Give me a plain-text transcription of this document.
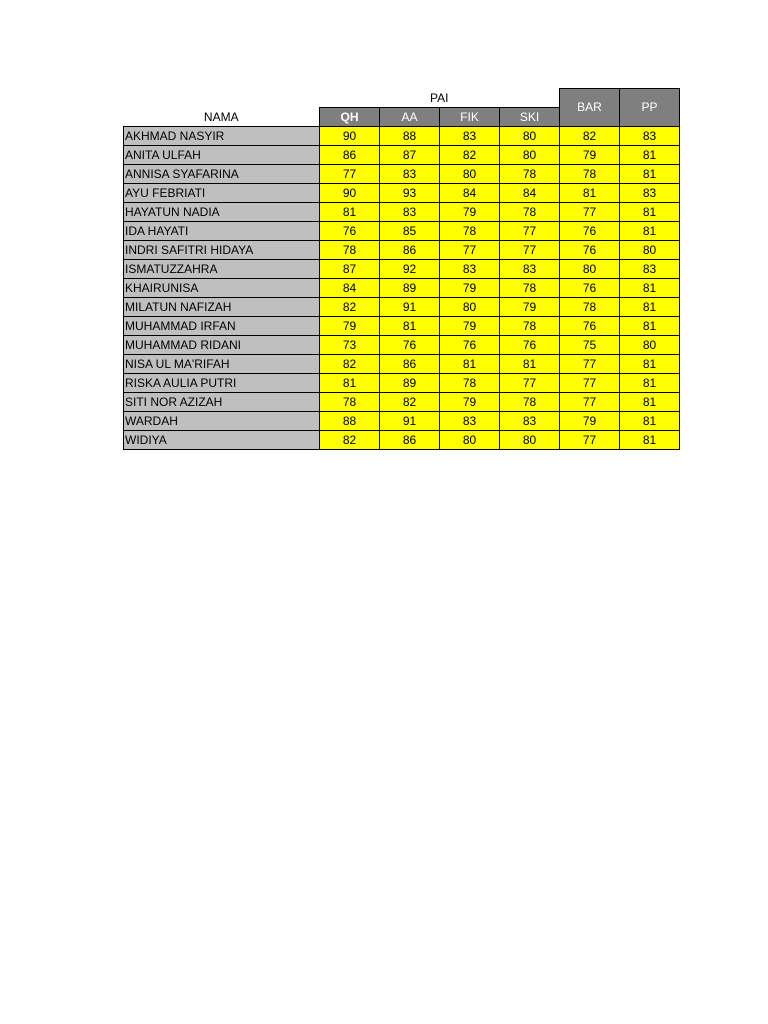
NAMA	PAI				BAR	PP
	QH	AA	FIK	SKI		
AKHMAD NASYIR	90	88	83	80	82	83
ANITA ULFAH	86	87	82	80	79	81
ANNISA SYAFARINA	77	83	80	78	78	81
AYU FEBRIATI	90	93	84	84	81	83
HAYATUN NADIA	81	83	79	78	77	81
IDA HAYATI	76	85	78	77	76	81
INDRI SAFITRI HIDAYA	78	86	77	77	76	80
ISMATUZZAHRA	87	92	83	83	80	83
KHAIRUNISA	84	89	79	78	76	81
MILATUN NAFIZAH	82	91	80	79	78	81
MUHAMMAD IRFAN	79	81	79	78	76	81
MUHAMMAD RIDANI	73	76	76	76	75	80
NISA UL MA'RIFAH	82	86	81	81	77	81
RISKA AULIA PUTRI	81	89	78	77	77	81
SITI NOR AZIZAH	78	82	79	78	77	81
WARDAH	88	91	83	83	79	81
WIDIYA	82	86	80	80	77	81
